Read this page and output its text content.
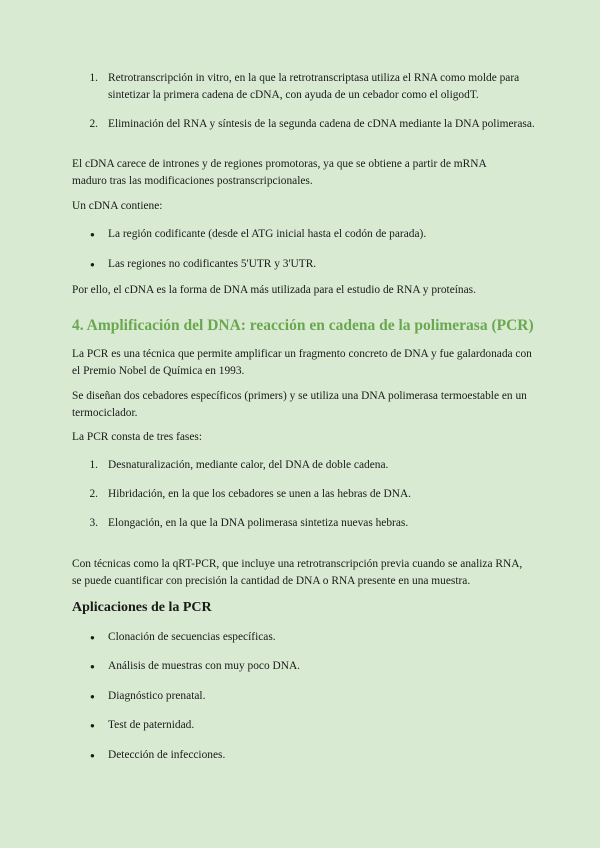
1. Retrotranscripción in vitro, en la que la retrotranscriptasa utiliza el RNA como molde para sintetizar la primera cadena de cDNA, con ayuda de un cebador como el oligodT.

2. Eliminación del RNA y síntesis de la segunda cadena de cDNA mediante la DNA polimerasa.

El cDNA carece de intrones y de regiones promotoras, ya que se obtiene a partir de mRNA maduro tras las modificaciones postranscripcionales.

Un cDNA contiene:

● La región codificante (desde el ATG inicial hasta el codón de parada).

● Las regiones no codificantes 5'UTR y 3'UTR.

Por ello, el cDNA es la forma de DNA más utilizada para el estudio de RNA y proteínas.

4. Amplificación del DNA: reacción en cadena de la polimerasa (PCR)

La PCR es una técnica que permite amplificar un fragmento concreto de DNA y fue galardonada con el Premio Nobel de Química en 1993.

Se diseñan dos cebadores específicos (primers) y se utiliza una DNA polimerasa termoestable en un termociclador.

La PCR consta de tres fases:

1. Desnaturalización, mediante calor, del DNA de doble cadena.

2. Hibridación, en la que los cebadores se unen a las hebras de DNA.

3. Elongación, en la que la DNA polimerasa sintetiza nuevas hebras.

Con técnicas como la qRT-PCR, que incluye una retrotranscripción previa cuando se analiza RNA, se puede cuantificar con precisión la cantidad de DNA o RNA presente en una muestra.

Aplicaciones de la PCR
● Clonación de secuencias específicas.

● Análisis de muestras con muy poco DNA.

● Diagnóstico prenatal.

● Test de paternidad.

● Detección de infecciones.
